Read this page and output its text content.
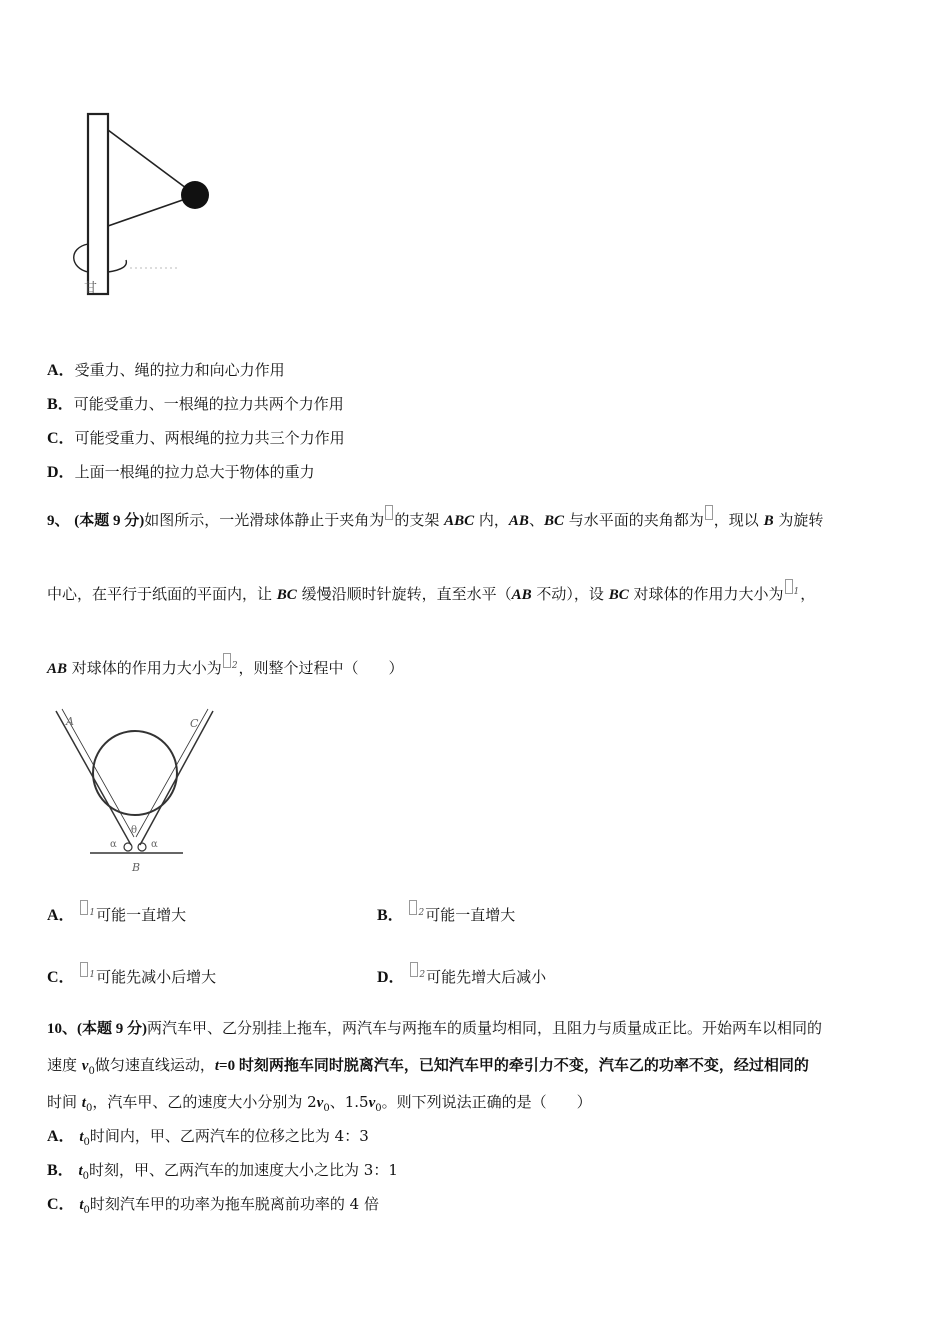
甘
A．受重力、绳的拉力和向心力作用
B．可能受重力、一根绳的拉力共两个力作用
C．可能受重力、两根绳的拉力共三个力作用
D．上面一根绳的拉力总大于物体的重力
9、 (本题 9 分)如图所示，一光滑球体静止于夹角为 的支架 ABC 内，AB、BC 与水平面的夹角都为 ，现以 B 为旋转
中心，在平行于纸面的平面内，让 BC 缓慢沿顺时针旋转，直至水平（AB 不动），设 BC 对球体的作用力大小为 $^1$，
AB 对球体的作用力大小为 $^2$，则整个过程中（　　）
A	C
θ
α	α
B
A． $^1$可能一直增大	B． $^2$可能一直增大
C． $^1$可能先减小后增大	D． $^2$可能先增大后减小
10、(本题 9 分)两汽车甲、乙分别挂上拖车，两汽车与两拖车的质量均相同，且阻力与质量成正比。开始两车以相同的
速度 $v_0$做匀速直线运动，t=0 时刻两拖车同时脱离汽车，已知汽车甲的牵引力不变，汽车乙的功率不变，经过相同的
时间 $t_0$，汽车甲、乙的速度大小分别为 $2v_0$、$1.5v_0$。则下列说法正确的是（　　）
A． $t_0$时间内，甲、乙两汽车的位移之比为 4：3
B． $t_0$时刻，甲、乙两汽车的加速度大小之比为 3：1
C． $t_0$时刻汽车甲的功率为拖车脱离前功率的 4 倍
